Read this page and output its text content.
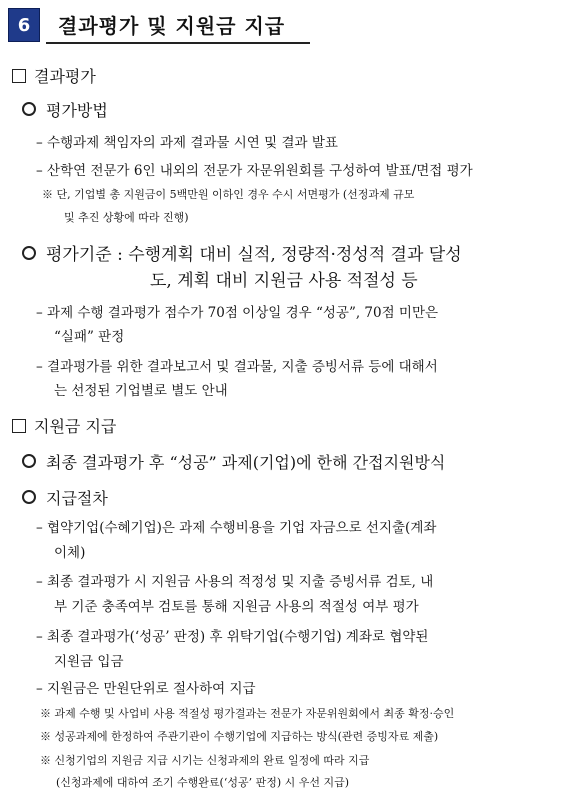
6	결과평가 및 지원금 지급
결과평가
평가방법
– 수행과제 책임자의 과제 결과물 시연 및 결과 발표
– 산학연 전문가 6인 내외의 전문가 자문위원회를 구성하여 발표/면접 평가
※ 단, 기업별 총 지원금이 5백만원 이하인 경우 수시 서면평가 (선정과제 규모
및 추진 상황에 따라 진행)
평가기준 : 수행계획 대비 실적, 정량적·정성적 결과 달성
도, 계획 대비 지원금 사용 적절성 등
– 과제 수행 결과평가 점수가 70점 이상일 경우 “성공”, 70점 미만은
“실패” 판정
– 결과평가를 위한 결과보고서 및 결과물, 지출 증빙서류 등에 대해서
는 선정된 기업별로 별도 안내
지원금 지급
최종 결과평가 후 “성공” 과제(기업)에 한해 간접지원방식
지급절차
– 협약기업(수혜기업)은 과제 수행비용을 기업 자금으로 선지출(계좌
이체)
– 최종 결과평가 시 지원금 사용의 적정성 및 지출 증빙서류 검토, 내
부 기준 충족여부 검토를 통해 지원금 사용의 적절성 여부 평가
– 최종 결과평가(‘성공’ 판정) 후 위탁기업(수행기업) 계좌로 협약된
지원금 입금
– 지원금은 만원단위로 절사하여 지급
※ 과제 수행 및 사업비 사용 적절성 평가결과는 전문가 자문위원회에서 최종 확정·승인
※ 성공과제에 한정하여 주관기관이 수행기업에 지급하는 방식(관련 증빙자료 제출)
※ 신청기업의 지원금 지급 시기는 신청과제의 완료 일정에 따라 지급
(신청과제에 대하여 조기 수행완료(‘성공’ 판정) 시 우선 지급)
